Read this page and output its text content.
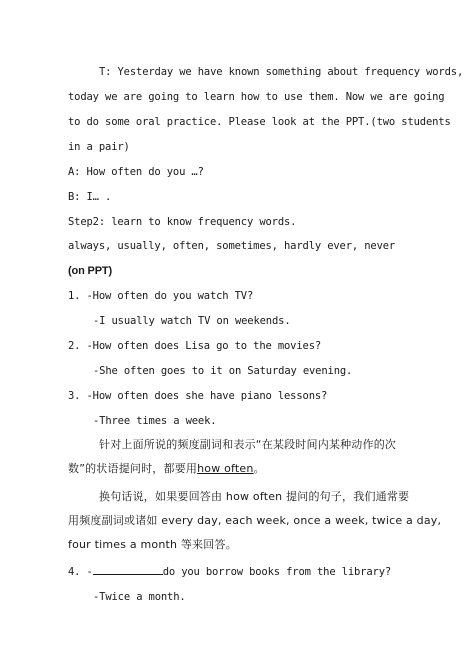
T: Yesterday we have known something about frequency words,
today we are going to learn how to use them. Now we are going
to do some oral practice. Please look at the PPT.(two students
in a pair)
A: How often do you …?
B: I… .
Step2: learn to know frequency words.
always, usually, often, sometimes, hardly ever, never
(on PPT)
1. -How often do you watch TV?
-I usually watch TV on weekends.
2. -How often does Lisa go to the movies?
-She often goes to it on Saturday evening.
3. -How often does she have piano lessons?
-Three times a week.
针对上面所说的频度副词和表示“在某段时间内某种动作的次
数”的状语提问时，都要用how often。
换句话说，如果要回答由 how often 提问的句子，我们通常要
用频度副词或诸如 every day, each week, once a week, twice a day,
four times a month 等来回答。
4. -	do you borrow books from the library?
-Twice a month.
